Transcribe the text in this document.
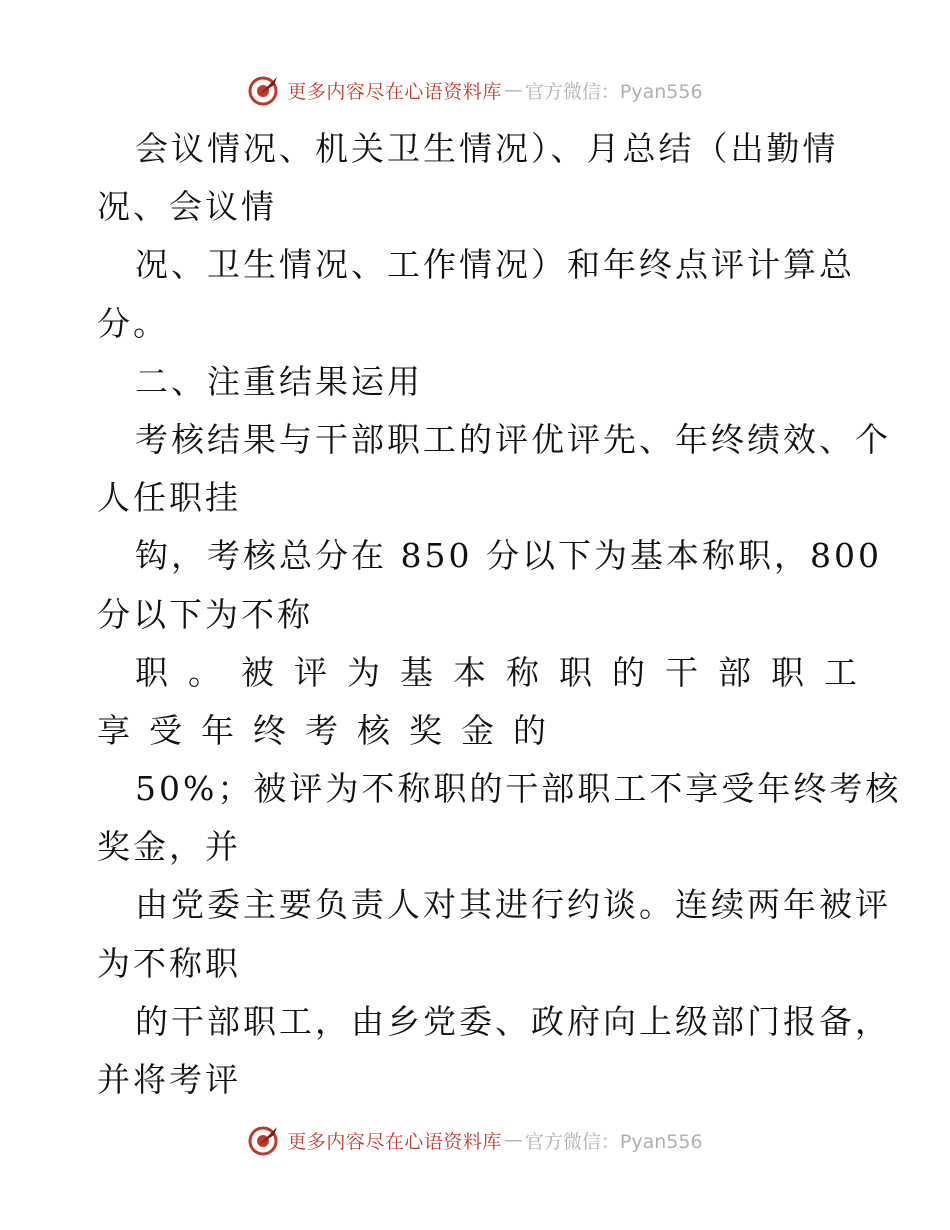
更多内容尽在心语资料库 — 官方微信：Pyan556
会议情况、机关卫生情况）、月总结（出勤情
况、会议情
况、卫生情况、工作情况）和年终点评计算总
分。
二、注重结果运用
考核结果与干部职工的评优评先、年终绩效、个
人任职挂
钩，考核总分在 850 分以下为基本称职，800
分以下为不称
职。被评为基本称职的干部职工
享受年终考核奖金的
50%；被评为不称职的干部职工不享受年终考核
奖金，并
由党委主要负责人对其进行约谈。连续两年被评
为不称职
的干部职工，由乡党委、政府向上级部门报备，
并将考评
更多内容尽在心语资料库 — 官方微信：Pyan556
